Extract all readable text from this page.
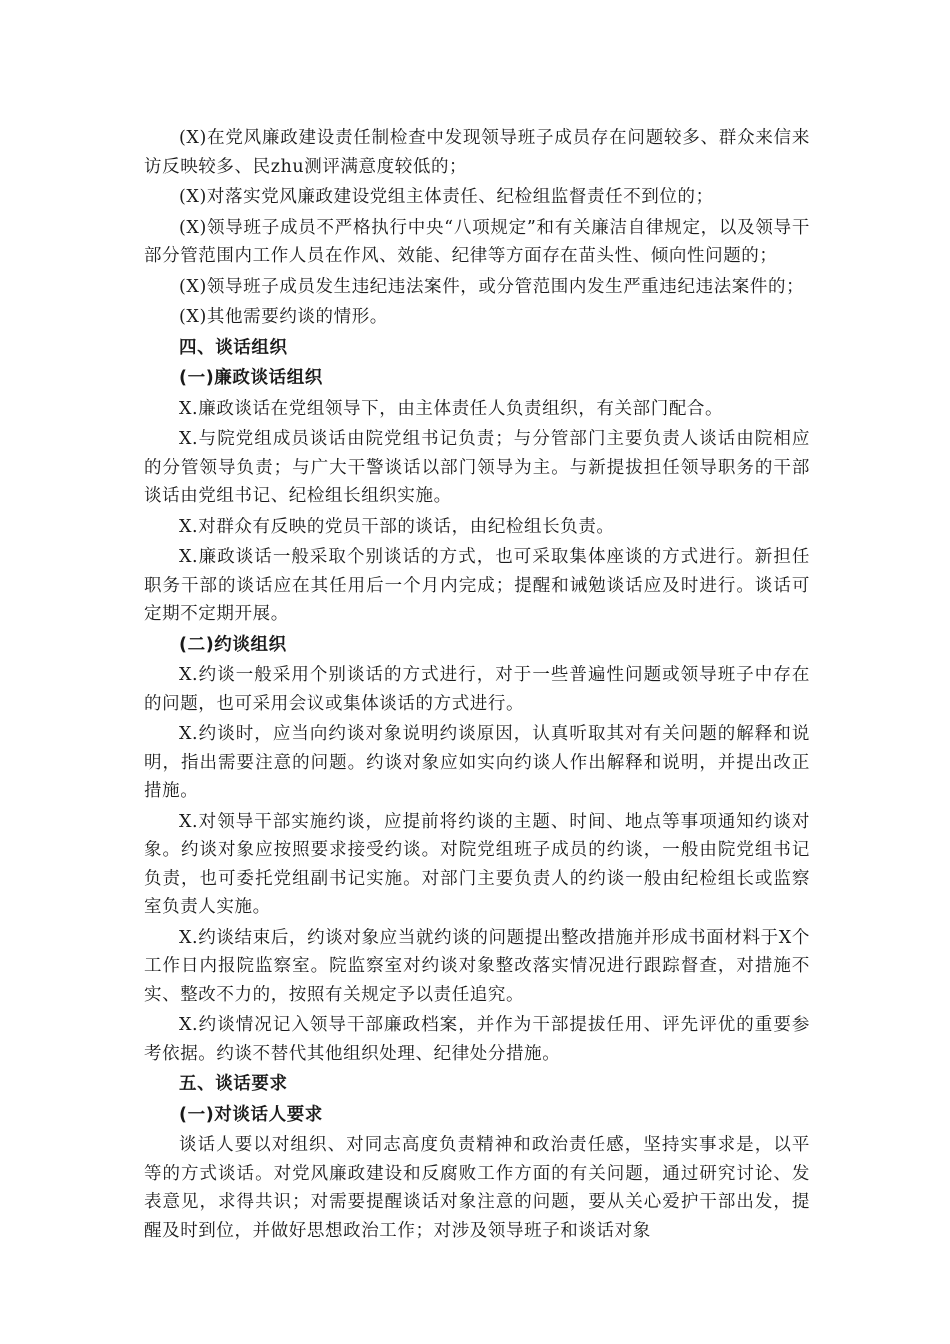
(X)在党风廉政建设责任制检查中发现领导班子成员存在问题较多、群众来信来访反映较多、民zhu测评满意度较低的；

(X)对落实党风廉政建设党组主体责任、纪检组监督责任不到位的；

(X)领导班子成员不严格执行中央“八项规定”和有关廉洁自律规定，以及领导干部分管范围内工作人员在作风、效能、纪律等方面存在苗头性、倾向性问题的；

(X)领导班子成员发生违纪违法案件，或分管范围内发生严重违纪违法案件的；

(X)其他需要约谈的情形。

四、谈话组织

(一)廉政谈话组织

X.廉政谈话在党组领导下，由主体责任人负责组织，有关部门配合。

X.与院党组成员谈话由院党组书记负责；与分管部门主要负责人谈话由院相应的分管领导负责；与广大干警谈话以部门领导为主。与新提拔担任领导职务的干部谈话由党组书记、纪检组长组织实施。

X.对群众有反映的党员干部的谈话，由纪检组长负责。

X.廉政谈话一般采取个别谈话的方式，也可采取集体座谈的方式进行。新担任职务干部的谈话应在其任用后一个月内完成；提醒和诫勉谈话应及时进行。谈话可定期不定期开展。

(二)约谈组织

X.约谈一般采用个别谈话的方式进行，对于一些普遍性问题或领导班子中存在的问题，也可采用会议或集体谈话的方式进行。

X.约谈时，应当向约谈对象说明约谈原因，认真听取其对有关问题的解释和说明，指出需要注意的问题。约谈对象应如实向约谈人作出解释和说明，并提出改正措施。

X.对领导干部实施约谈，应提前将约谈的主题、时间、地点等事项通知约谈对象。约谈对象应按照要求接受约谈。对院党组班子成员的约谈，一般由院党组书记负责，也可委托党组副书记实施。对部门主要负责人的约谈一般由纪检组长或监察室负责人实施。

X.约谈结束后，约谈对象应当就约谈的问题提出整改措施并形成书面材料于X个工作日内报院监察室。院监察室对约谈对象整改落实情况进行跟踪督查，对措施不实、整改不力的，按照有关规定予以责任追究。

X.约谈情况记入领导干部廉政档案，并作为干部提拔任用、评先评优的重要参考依据。约谈不替代其他组织处理、纪律处分措施。

五、谈话要求

(一)对谈话人要求

谈话人要以对组织、对同志高度负责精神和政治责任感，坚持实事求是，以平等的方式谈话。对党风廉政建设和反腐败工作方面的有关问题，通过研究讨论、发表意见，求得共识；对需要提醒谈话对象注意的问题，要从关心爱护干部出发，提醒及时到位，并做好思想政治工作；对涉及领导班子和谈话对象
